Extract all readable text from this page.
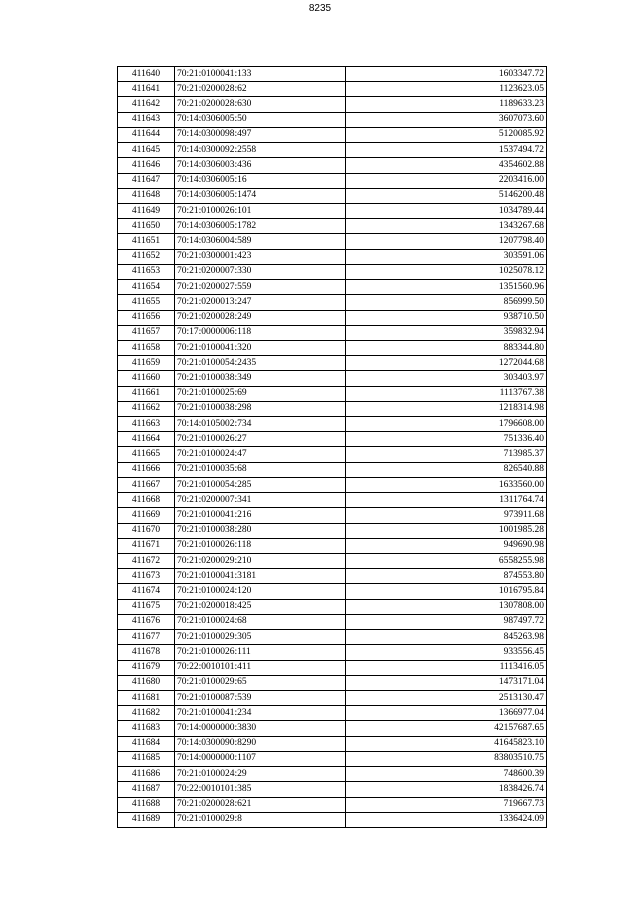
8235
411640	70:21:0100041:133	1603347.72
411641	70:21:0200028:62	1123623.05
411642	70:21:0200028:630	1189633.23
411643	70:14:0306005:50	3607073.60
411644	70:14:0300098:497	5120085.92
411645	70:14:0300092:2558	1537494.72
411646	70:14:0306003:436	4354602.88
411647	70:14:0306005:16	2203416.00
411648	70:14:0306005:1474	5146200.48
411649	70:21:0100026:101	1034789.44
411650	70:14:0306005:1782	1343267.68
411651	70:14:0306004:589	1207798.40
411652	70:21:0300001:423	303591.06
411653	70:21:0200007:330	1025078.12
411654	70:21:0200027:559	1351560.96
411655	70:21:0200013:247	856999.50
411656	70:21:0200028:249	938710.50
411657	70:17:0000006:118	359832.94
411658	70:21:0100041:320	883344.80
411659	70:21:0100054:2435	1272044.68
411660	70:21:0100038:349	303403.97
411661	70:21:0100025:69	1113767.38
411662	70:21:0100038:298	1218314.98
411663	70:14:0105002:734	1796608.00
411664	70:21:0100026:27	751336.40
411665	70:21:0100024:47	713985.37
411666	70:21:0100035:68	826540.88
411667	70:21:0100054:285	1633560.00
411668	70:21:0200007:341	1311764.74
411669	70:21:0100041:216	973911.68
411670	70:21:0100038:280	1001985.28
411671	70:21:0100026:118	949690.98
411672	70:21:0200029:210	6558255.98
411673	70:21:0100041:3181	874553.80
411674	70:21:0100024:120	1016795.84
411675	70:21:0200018:425	1307808.00
411676	70:21:0100024:68	987497.72
411677	70:21:0100029:305	845263.98
411678	70:21:0100026:111	933556.45
411679	70:22:0010101:411	1113416.05
411680	70:21:0100029:65	1473171.04
411681	70:21:0100087:539	2513130.47
411682	70:21:0100041:234	1366977.04
411683	70:14:0000000:3830	42157687.65
411684	70:14:0300090:8290	41645823.10
411685	70:14:0000000:1107	83803510.75
411686	70:21:0100024:29	748600.39
411687	70:22:0010101:385	1838426.74
411688	70:21:0200028:621	719667.73
411689	70:21:0100029:8	1336424.09
